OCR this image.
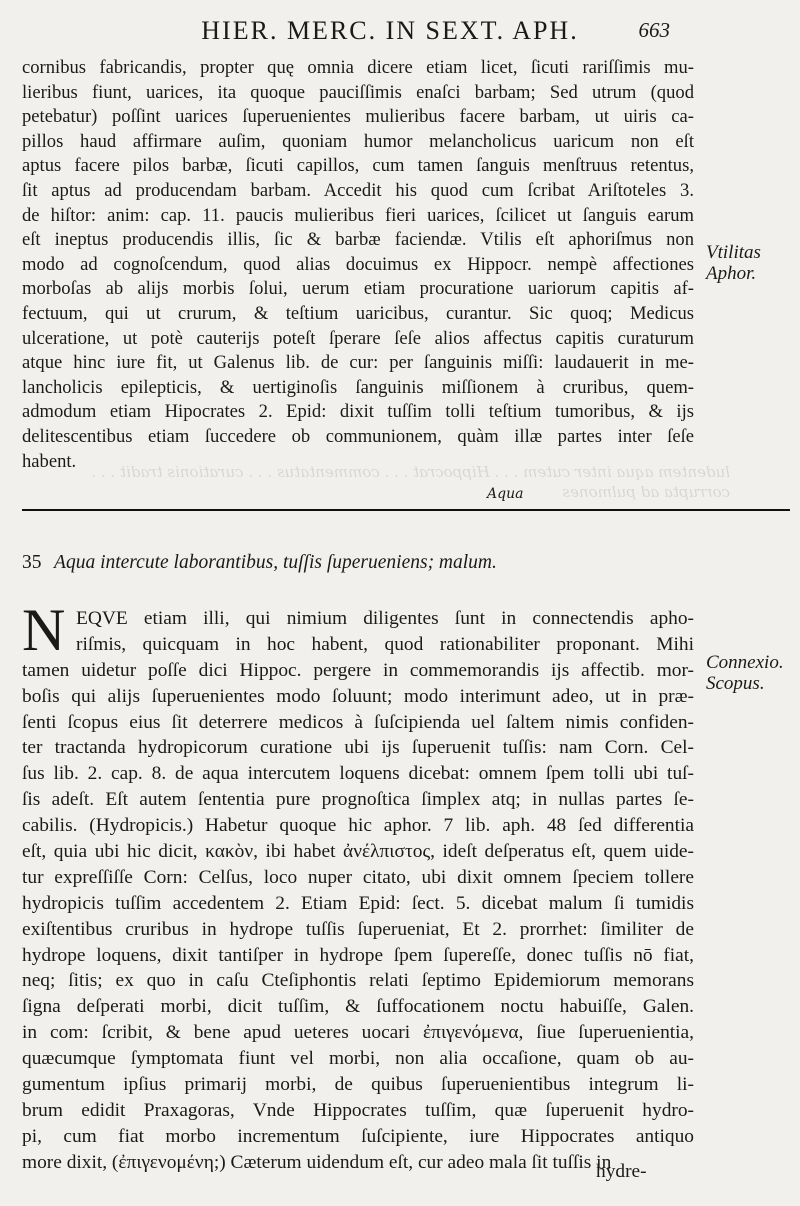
ludentem aqua inter cutem . . . Hippocrat . . . commentatus . . . curationis tradit . . . corrupta ad pulmones
HIER. MERC. IN SEXT. APH.	663
cornibus fabricandis, propter quę omnia dicere etiam licet, ſicuti rariſſimis mu-
lieribus fiunt, uarices, ita quoque pauciſſimis enaſci barbam; Sed utrum (quod
petebatur) poſſint uarices ſuperuenientes mulieribus facere barbam, ut uiris ca-
pillos haud affirmare auſim, quoniam humor melancholicus uaricum non eſt
aptus facere pilos barbæ, ſicuti capillos, cum tamen ſanguis menſtruus retentus,
ſit aptus ad producendam barbam. Accedit his quod cum ſcribat Ariſtoteles 3.
de hiſtor: anim: cap. 11. paucis mulieribus fieri uarices, ſcilicet ut ſanguis earum
eſt ineptus producendis illis, ſic & barbæ faciendæ. Vtilis eſt aphoriſmus non
modo ad cognoſcendum, quod alias docuimus ex Hippocr. nempè affectiones
morboſas ab alijs morbis ſolui, uerum etiam procuratione uariorum capitis af-
fectuum, qui ut crurum, & teſtium uaricibus, curantur. Sic quoq; Medicus
ulceratione, ut potè cauterijs poteſt ſperare ſeſe alios affectus capitis curaturum
atque hinc iure fit, ut Galenus lib. de cur: per ſanguinis miſſi: laudauerit in me-
lancholicis epilepticis, & uertiginoſis ſanguinis miſſionem à cruribus, quem-
admodum etiam Hipocrates 2. Epid: dixit tuſſim tolli teſtium tumoribus, & ijs
delitescentibus etiam ſuccedere ob communionem, quàm illæ partes inter ſeſe
habent.
Vtilitas
Aphor.
Aqua
35 Aqua intercute laborantibus, tuſſis ſuperueniens; malum.
N EQVE etiam illi, qui nimium diligentes ſunt in connectendis apho-
riſmis, quicquam in hoc habent, quod rationabiliter proponant. Mihi
tamen uidetur poſſe dici Hippoc. pergere in commemorandis ijs affectib. mor-
boſis qui alijs ſuperuenientes modo ſoluunt; modo interimunt adeo, ut in præ-
ſenti ſcopus eius ſit deterrere medicos à ſuſcipienda uel ſaltem nimis confiden-
ter tractanda hydropicorum curatione ubi ijs ſuperuenit tuſſis: nam Corn. Cel-
ſus lib. 2. cap. 8. de aqua intercutem loquens dicebat: omnem ſpem tolli ubi tuſ-
ſis adeſt. Eſt autem ſententia pure prognoſtica ſimplex atq; in nullas partes ſe-
cabilis. (Hydropicis.) Habetur quoque hic aphor. 7 lib. aph. 48 ſed differentia
eſt, quia ubi hic dicit, κακὸν, ibi habet ἀνέλπιστος, ideſt deſperatus eſt, quem uide-
tur expreſſiſſe Corn: Celſus, loco nuper citato, ubi dixit omnem ſpeciem tollere
hydropicis tuſſim accedentem 2. Etiam Epid: ſect. 5. dicebat malum ſi tumidis
exiſtentibus cruribus in hydrope tuſſis ſuperueniat, Et 2. prorrhet: ſimiliter de
hydrope loquens, dixit tantiſper in hydrope ſpem ſupereſſe, donec tuſſis nō fiat,
neq; ſitis; ex quo in caſu Cteſiphontis relati ſeptimo Epidemiorum memorans
ſigna deſperati morbi, dicit tuſſim, & ſuffocationem noctu habuiſſe, Galen.
in com: ſcribit, & bene apud ueteres uocari ἐπιγενόμενα, ſiue ſuperuenientia,
quæcumque ſymptomata fiunt vel morbi, non alia occaſione, quam ob au-
gumentum ipſius primarij morbi, de quibus ſuperuenientibus integrum li-
brum edidit Praxagoras, Vnde Hippocrates tuſſim, quæ ſuperuenit hydro-
pi, cum fiat morbo incrementum ſuſcipiente, iure Hippocrates antiquo
more dixit, (ἐπιγενομένη;) Cæterum uidendum eſt, cur adeo mala ſit tuſſis in
Connexio.
Scopus.
hydre-
